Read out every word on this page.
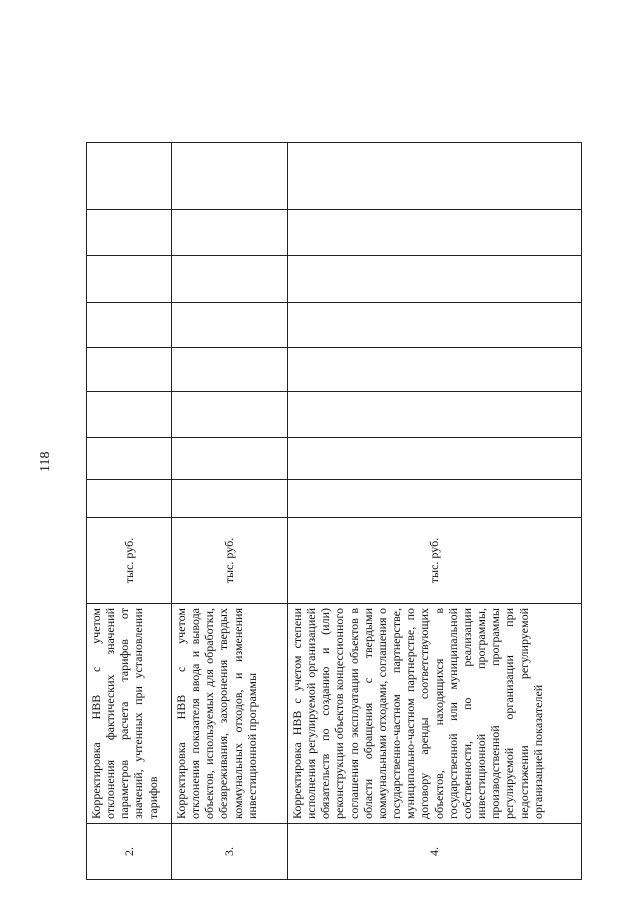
118
2.	Корректировка НВВ с учетом отклонения фактических значений параметров расчета тарифов от значений, учтенных при установлении тарифов	тыс. руб.								
3.	Корректировка НВВ с учетом отклонения показателя ввода и вывода объектов, используемых для обработки, обезвреживания, захоронения твердых коммунальных отходов, и изменения инвестиционной программы	тыс. руб.								
4.	Корректировка НВВ с учетом степени исполнения регулируемой организацией обязательств по созданию и (или) реконструкции объектов концессионного соглашения по эксплуатации объектов в области обращения с твердыми коммунальными отходами, соглашения о государственно-частном партнерстве, муниципально-частном партнерстве, по договору аренды соответствующих объектов, находящихся в государственной или муниципальной собственности, по реализации инвестиционной программы, производственной программы регулируемой организации при недостижении регулируемой организацией показателей	тыс. руб.								
